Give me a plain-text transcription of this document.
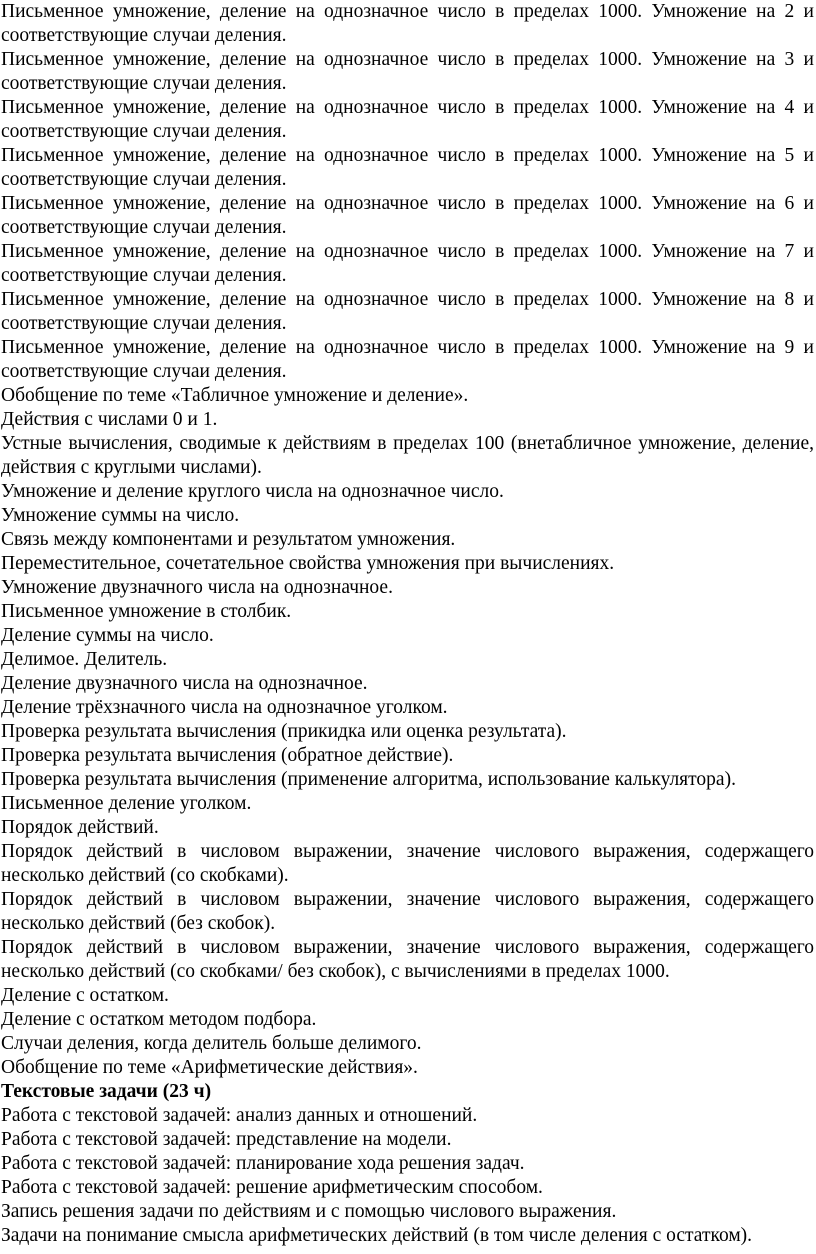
Письменное умножение, деление на однозначное число в пределах 1000. Умножение на 2 и соответствующие случаи деления.

Письменное умножение, деление на однозначное число в пределах 1000. Умножение на 3 и соответствующие случаи деления.

Письменное умножение, деление на однозначное число в пределах 1000. Умножение на 4 и соответствующие случаи деления.

Письменное умножение, деление на однозначное число в пределах 1000. Умножение на 5 и соответствующие случаи деления.

Письменное умножение, деление на однозначное число в пределах 1000. Умножение на 6 и соответствующие случаи деления.

Письменное умножение, деление на однозначное число в пределах 1000. Умножение на 7 и соответствующие случаи деления.

Письменное умножение, деление на однозначное число в пределах 1000. Умножение на 8 и соответствующие случаи деления.

Письменное умножение, деление на однозначное число в пределах 1000. Умножение на 9 и соответствующие случаи деления.

Обобщение по теме «Табличное умножение и деление».

Действия с числами 0 и 1.

Устные вычисления, сводимые к действиям в пределах 100 (внетабличное умножение, деление, действия с круглыми числами).

Умножение и деление круглого числа на однозначное число.

Умножение суммы на число.

Связь между компонентами и результатом умножения.

Переместительное, сочетательное свойства умножения при вычислениях.

Умножение двузначного числа на однозначное.

Письменное умножение в столбик.

Деление суммы на число.

Делимое. Делитель.

Деление двузначного числа на однозначное.

Деление трёхзначного числа на однозначное уголком.

Проверка результата вычисления (прикидка или оценка результата).

Проверка результата вычисления (обратное действие).

Проверка результата вычисления (применение алгоритма, использование калькулятора).

Письменное деление уголком.

Порядок действий.

Порядок действий в числовом выражении, значение числового выражения, содержащего несколько действий (со скобками).

Порядок действий в числовом выражении, значение числового выражения, содержащего несколько действий (без скобок).

Порядок действий в числовом выражении, значение числового выражения, содержащего несколько действий (со скобками/ без скобок), с вычислениями в пределах 1000.

Деление с остатком.

Деление с остатком методом подбора.

Случаи деления, когда делитель больше делимого.

Обобщение по теме «Арифметические действия».

Текстовые задачи (23 ч)

Работа с текстовой задачей: анализ данных и отношений.

Работа с текстовой задачей: представление на модели.

Работа с текстовой задачей: планирование хода решения задач.

Работа с текстовой задачей: решение арифметическим способом.

Запись решения задачи по действиям и с помощью числового выражения.

Задачи на понимание смысла арифметических действий (в том числе деления с остатком).
